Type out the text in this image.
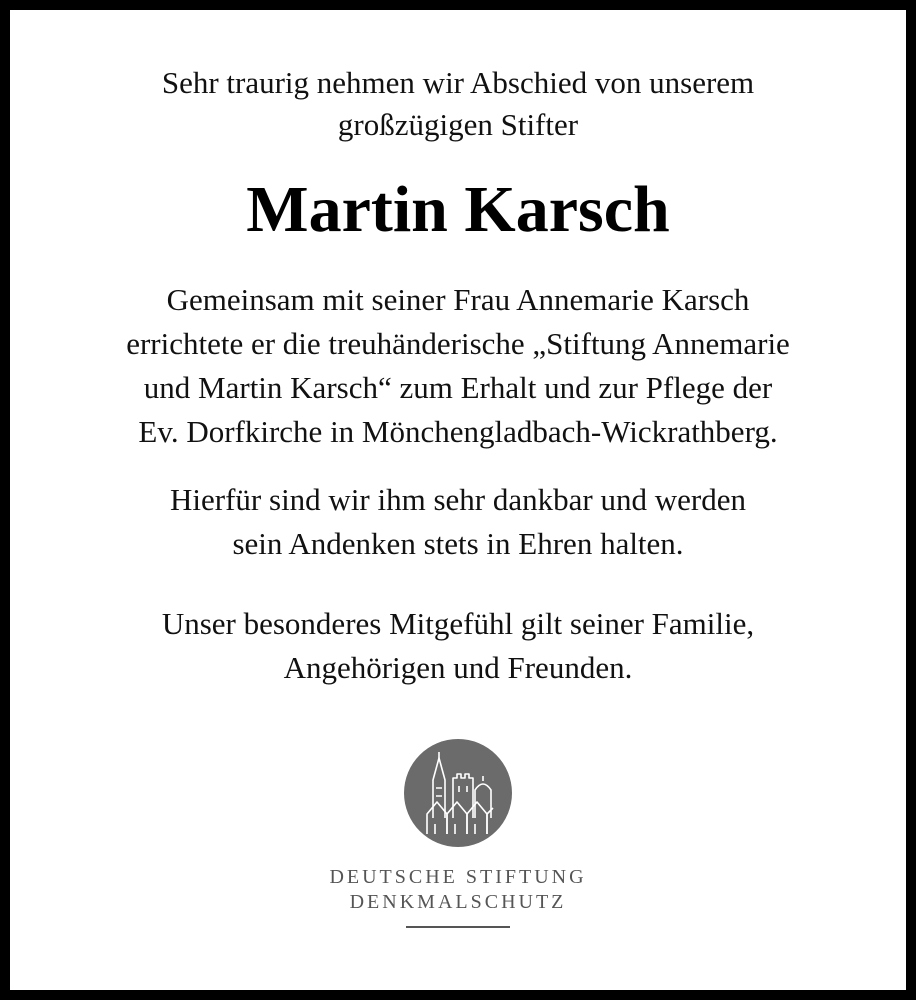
Sehr traurig nehmen wir Abschied von unserem
großzügigen Stifter
Martin Karsch
Gemeinsam mit seiner Frau Annemarie Karsch
errichtete er die treuhänderische „Stiftung Annemarie
und Martin Karsch“ zum Erhalt und zur Pflege der
Ev. Dorfkirche in Mönchengladbach-Wickrathberg.
Hierfür sind wir ihm sehr dankbar und werden
sein Andenken stets in Ehren halten.
Unser besonderes Mitgefühl gilt seiner Familie,
Angehörigen und Freunden.
DEUTSCHE STIFTUNG
DENKMALSCHUTZ
